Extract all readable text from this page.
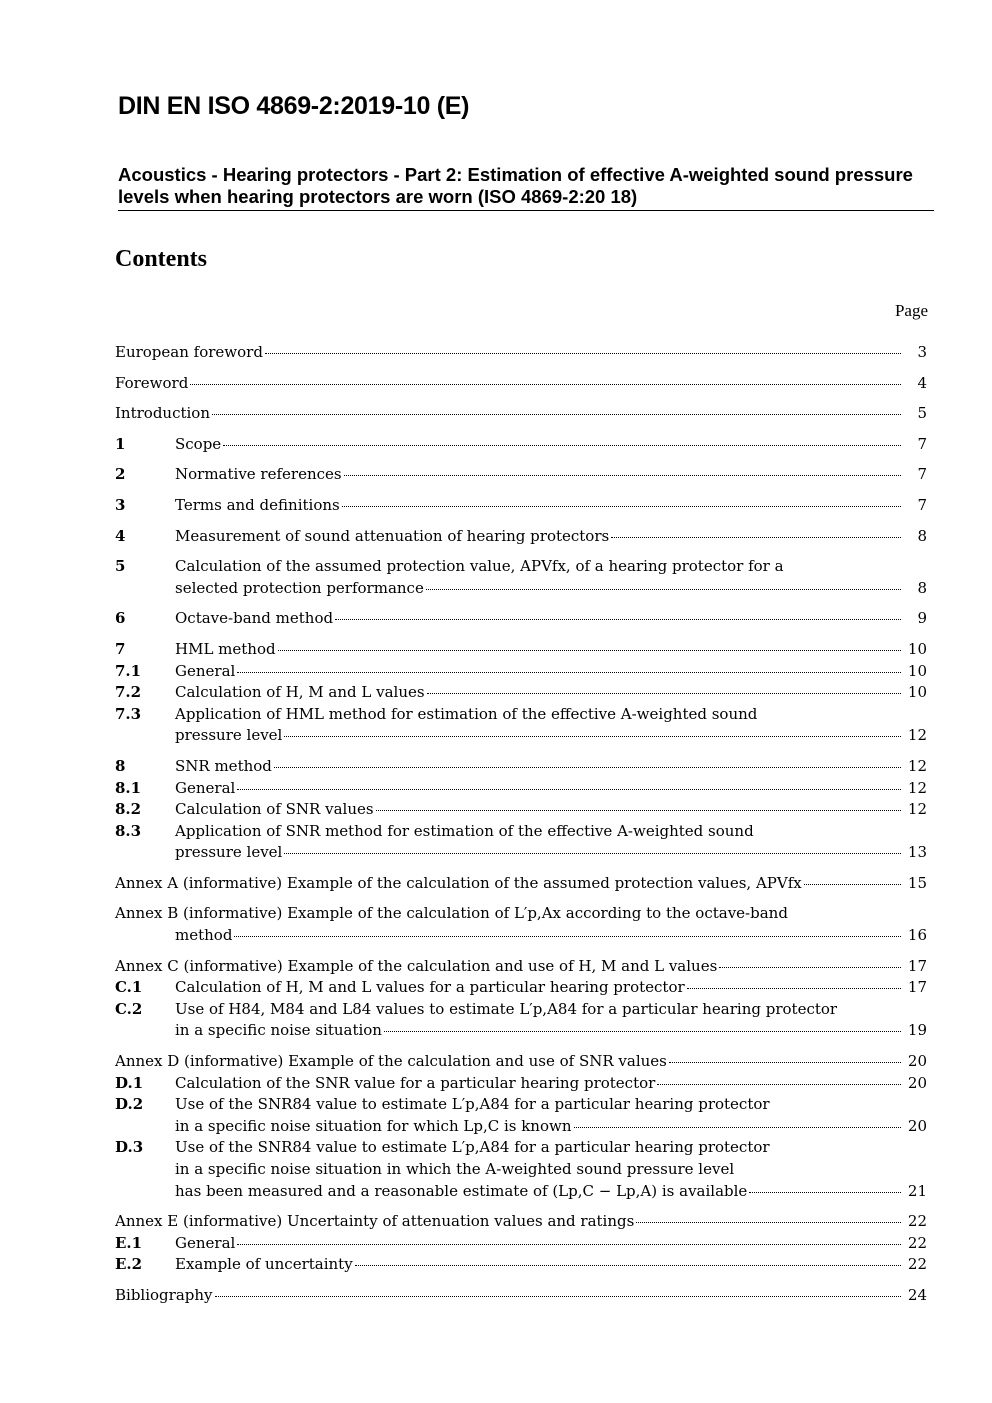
DIN EN ISO 4869-2:2019-10 (E)
Acoustics - Hearing protectors - Part 2: Estimation of effective A-weighted sound pressure levels when hearing protectors are worn (ISO 4869-2:20 18)
Contents
Page
European foreword	3
Foreword	4
Introduction	5
1	Scope	7
2	Normative references	7
3	Terms and definitions	7
4	Measurement of sound attenuation of hearing protectors	8
5	Calculation of the assumed protection value, APVfx, of a hearing protector for a
selected protection performance	8
6	Octave-band method	9
7	HML method	10
7.1	General	10
7.2	Calculation of H, M and L values	10
7.3	Application of HML method for estimation of the effective A-weighted sound
pressure level	12
8	SNR method	12
8.1	General	12
8.2	Calculation of SNR values	12
8.3	Application of SNR method for estimation of the effective A-weighted sound
pressure level	13
Annex A (informative) Example of the calculation of the assumed protection values, APVfx	15
Annex B (informative) Example of the calculation of L′p,Ax according to the octave-band
method	16
Annex C (informative) Example of the calculation and use of H, M and L values	17
C.1	Calculation of H, M and L values for a particular hearing protector	17
C.2	Use of H84, M84 and L84 values to estimate L′p,A84 for a particular hearing protector
in a specific noise situation	19
Annex D (informative) Example of the calculation and use of SNR values	20
D.1	Calculation of the SNR value for a particular hearing protector	20
D.2	Use of the SNR84 value to estimate L′p,A84 for a particular hearing protector
in a specific noise situation for which Lp,C is known	20
D.3	Use of the SNR84 value to estimate L′p,A84 for a particular hearing protector
in a specific noise situation in which the A-weighted sound pressure level
has been measured and a reasonable estimate of (Lp,C − Lp,A) is available	21
Annex E (informative) Uncertainty of attenuation values and ratings	22
E.1	General	22
E.2	Example of uncertainty	22
Bibliography	24
